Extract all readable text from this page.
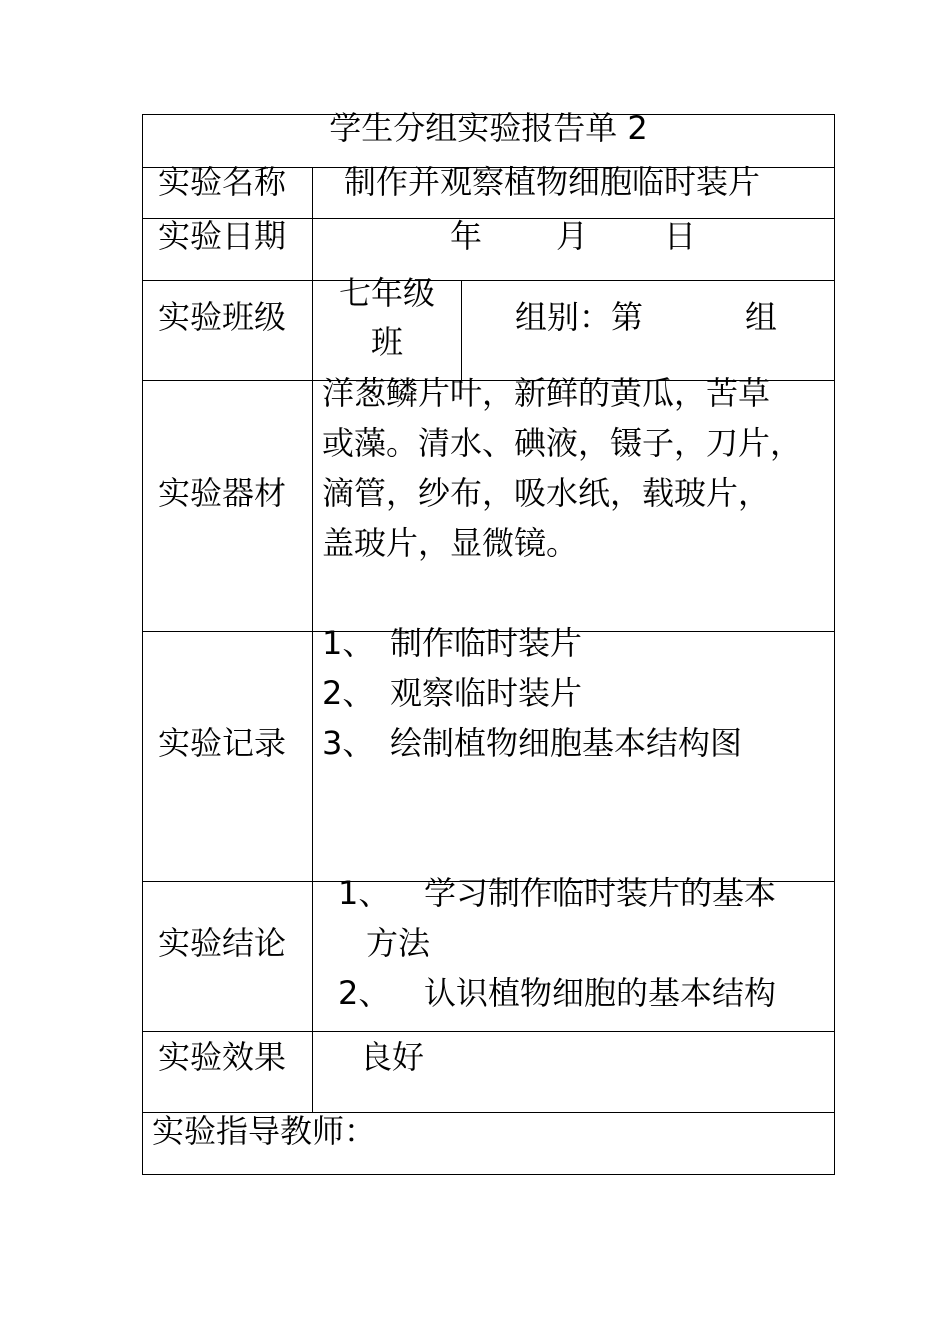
学生分组实验报告单 2
实验名称 制作并观察植物细胞临时装片
实验日期	年 月 日
实验班级
七年级
班
组别：第	组
实验器材
洋葱鳞片叶，新鲜的黄瓜，苦草
或藻。清水、碘液，镊子，刀片，
滴管，纱布，吸水纸，载玻片，
盖玻片，显微镜。
实验记录
1、 制作临时装片
2、 观察临时装片
3、 绘制植物细胞基本结构图
实验结论
1、 学习制作临时装片的基本
方法
2、 认识植物细胞的基本结构
实验效果 良好
实验指导教师：
